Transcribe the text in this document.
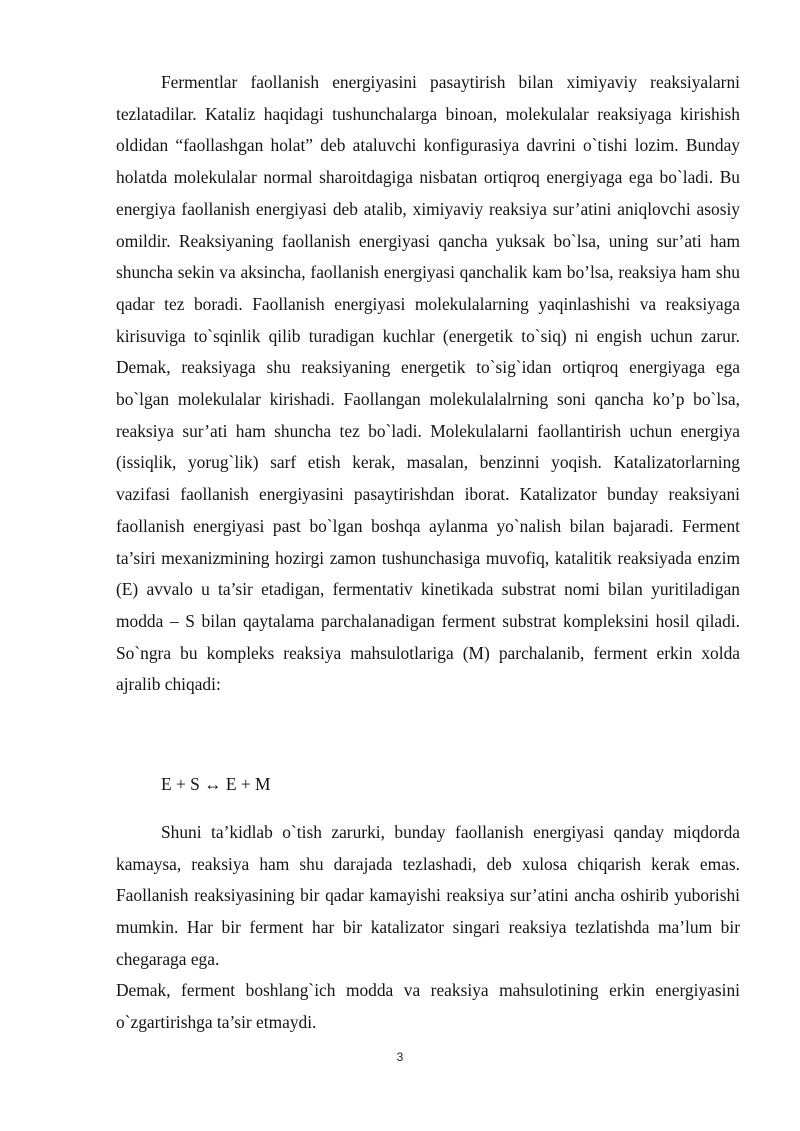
Fermentlar faollanish energiyasini pasaytirish bilan ximiyaviy reaksiyalarni tezlatadilar. Kataliz haqidagi tushunchalarga binoan, molekulalar reaksiyaga kirishish oldidan “faollashgan holat” deb ataluvchi konfigurasiya davrini o`tishi lozim. Bunday holatda molekulalar normal sharoitdagiga nisbatan ortiqroq energiyaga ega bo`ladi. Bu energiya faollanish energiyasi deb atalib, ximiyaviy reaksiya sur’atini aniqlovchi asosiy omildir. Reaksiyaning faollanish energiyasi qancha yuksak bo`lsa, uning sur’ati ham shuncha sekin va aksincha, faollanish energiyasi qanchalik kam bo’lsa, reaksiya ham shu qadar tez boradi. Faollanish energiyasi molekulalarning yaqinlashishi va reaksiyaga kirisuviga to`sqinlik qilib turadigan kuchlar (energetik to`siq) ni engish uchun zarur. Demak, reaksiyaga shu reaksiyaning energetik to`sig`idan ortiqroq energiyaga ega bo`lgan molekulalar kirishadi. Faollangan molekulalalrning soni qancha ko’p bo`lsa, reaksiya sur’ati ham shuncha tez bo`ladi. Molekulalarni faollantirish uchun energiya (issiqlik, yorug`lik) sarf etish kerak, masalan, benzinni yoqish. Katalizatorlarning vazifasi faollanish energiyasini pasaytirishdan iborat. Katalizator bunday reaksiyani faollanish energiyasi past bo`lgan boshqa aylanma yo`nalish bilan bajaradi. Ferment ta’siri mexanizmining hozirgi zamon tushunchasiga muvofiq, katalitik reaksiyada enzim (E) avvalo u ta’sir etadigan, fermentativ kinetikada substrat nomi bilan yuritiladigan modda – S bilan qaytalama parchalanadigan ferment substrat kompleksini hosil qiladi. So`ngra bu kompleks reaksiya mahsulotlariga (M) parchalanib, ferment erkin xolda ajralib chiqadi:

E + S ↔ E + M

Shuni ta’kidlab o`tish zarurki, bunday faollanish energiyasi qanday miqdorda kamaysa, reaksiya ham shu darajada tezlashadi, deb xulosa chiqarish kerak emas. Faollanish reaksiyasining bir qadar kamayishi reaksiya sur’atini ancha oshirib yuborishi mumkin. Har bir ferment har bir katalizator singari reaksiya tezlatishda ma’lum bir chegaraga ega.

Demak, ferment boshlang`ich modda va reaksiya mahsulotining erkin energiyasini o`zgartirishga ta’sir etmaydi.

3
